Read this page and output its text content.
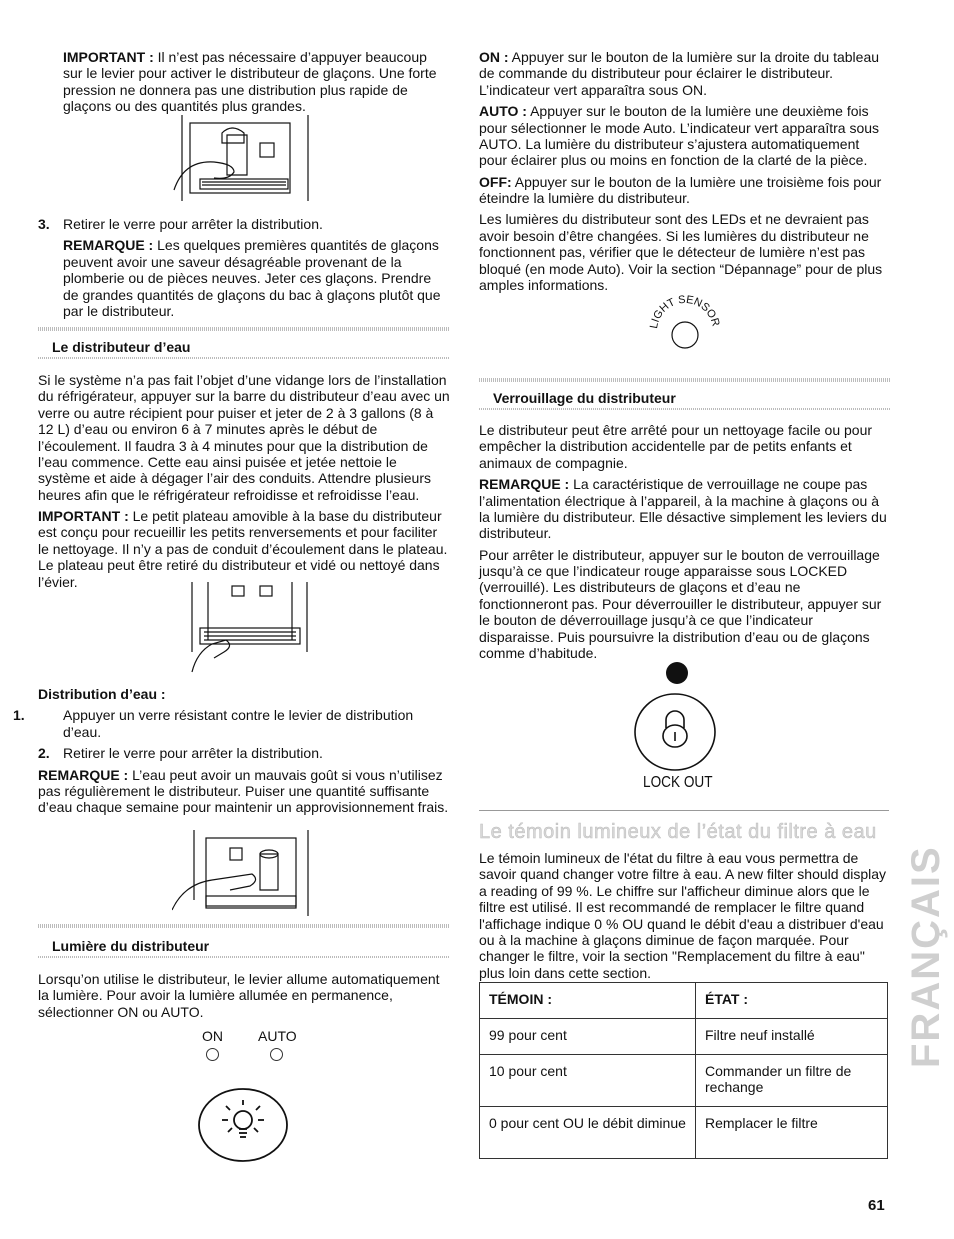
IMPORTANT : Il n’est pas nécessaire d’appuyer beaucoup sur le levier pour activer le distributeur de glaçons. Une forte pression ne donnera pas une distribution plus rapide de glaçons ou des quantités plus grandes.

3. Retirer le verre pour arrêter la distribution.

REMARQUE : Les quelques premières quantités de glaçons peuvent avoir une saveur désagréable provenant de la plomberie ou de pièces neuves. Jeter ces glaçons. Prendre de grandes quantités de glaçons du bac à glaçons plutôt que par le distributeur.

Le distributeur d’eau

Si le système n’a pas fait l’objet d’une vidange lors de l’installation du réfrigérateur, appuyer sur la barre du distributeur d’eau avec un verre ou autre récipient pour puiser et jeter de 2 à 3 gallons (8 à 12 L) d’eau ou environ 6 à 7 minutes après le début de l’écoulement. Il faudra 3 à 4 minutes pour que la distribution de l’eau commence. Cette eau ainsi puisée et jetée nettoie le système et aide à dégager l’air des conduits. Attendre plusieurs heures afin que le réfrigérateur refroidisse et refroidisse l’eau.

IMPORTANT : Le petit plateau amovible à la base du distributeur est conçu pour recueillir les petits renversements et pour faciliter le nettoyage. Il n’y a pas de conduit d’écoulement dans le plateau. Le plateau peut être retiré du distributeur et vidé ou nettoyé dans l’évier.

Distribution d’eau :

1.	Appuyer un verre résistant contre le levier de distribution d’eau.

2. Retirer le verre pour arrêter la distribution.

REMARQUE : L’eau peut avoir un mauvais goût si vous n’utilisez pas régulièrement le distributeur. Puiser une quantité suffisante d’eau chaque semaine pour maintenir un approvisionnement frais.

Lumière du distributeur

Lorsqu’on utilise le distributeur, le levier allume automatiquement la lumière. Pour avoir la lumière allumée en permanence, sélectionner ON ou AUTO.

ON	AUTO

ON : Appuyer sur le bouton de la lumière sur la droite du tableau de commande du distributeur pour éclairer le distributeur. L’indicateur vert apparaîtra sous ON.

AUTO : Appuyer sur le bouton de la lumière une deuxième fois pour sélectionner le mode Auto. L’indicateur vert apparaîtra sous AUTO. La lumière du distributeur s’ajustera automatiquement pour éclairer plus ou moins en fonction de la clarté de la pièce.

OFF: Appuyer sur le bouton de la lumière une troisième fois pour éteindre la lumière du distributeur.

Les lumières du distributeur sont des LEDs et ne devraient pas avoir besoin d’être changées. Si les lumières du distributeur ne fonctionnent pas, vérifier que le détecteur de lumière n’est pas bloqué (en mode Auto). Voir la section “Dépannage” pour de plus amples informations.

LIGHT SENSOR
Verrouillage du distributeur

Le distributeur peut être arrêté pour un nettoyage facile ou pour empêcher la distribution accidentelle par de petits enfants et animaux de compagnie.

REMARQUE : La caractéristique de verrouillage ne coupe pas l’alimentation électrique à l’appareil, à la machine à glaçons ou à la lumière du distributeur. Elle désactive simplement les leviers du distributeur.

Pour arrêter le distributeur, appuyer sur le bouton de verrouillage jusqu’à ce que l’indicateur rouge apparaisse sous LOCKED (verrouillé). Les distributeurs de glaçons et d’eau ne fonctionneront pas. Pour déverrouiller le distributeur, appuyer sur le bouton de déverrouillage jusqu’à ce que l’indicateur disparaisse. Puis poursuivre la distribution d’eau ou de glaçons comme d’habitude.

LOCK OUT
Le témoin lumineux de l’état du filtre à eau

Le témoin lumineux de l'état du filtre à eau vous permettra de savoir quand changer votre filtre à eau. A new filter should display a reading of 99 %. Le chiffre sur l'afficheur diminue alors que le filtre est utilisé. Il est recommandé de remplacer le filtre quand l'affichage indique 0 % OU quand le débit d'eau a distribuer d'eau ou à la machine à glaçons diminue de façon marquée. Pour changer le filtre, voir la section "Remplacement du filtre à eau" plus loin dans cette section.

TÉMOIN :	ÉTAT :
99 pour cent	Filtre neuf installé
10 pour cent	Commander un filtre de rechange
0 pour cent OU le débit diminue	Remplacer le filtre
FRANÇAIS
61
